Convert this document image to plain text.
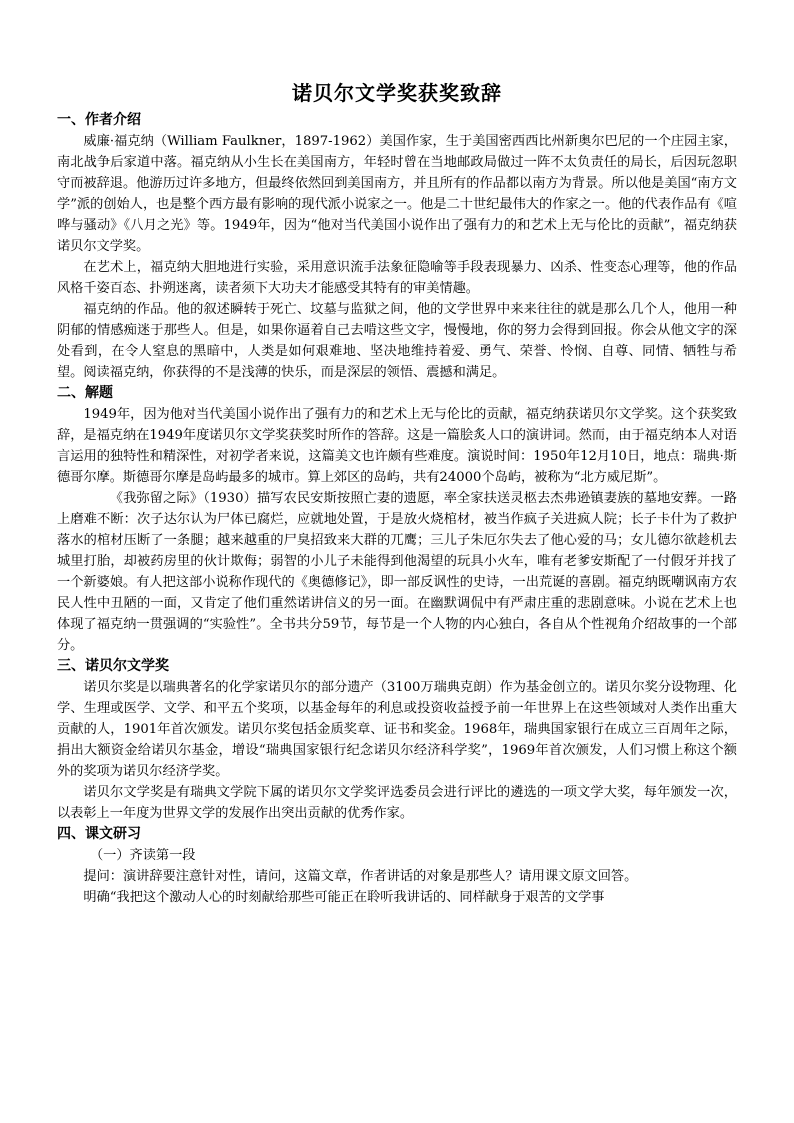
诺贝尔文学奖获奖致辞

一、作者介绍

威廉·福克纳（William Faulkner，1897-1962）美国作家，生于美国密西西比州新奥尔巴尼的一个庄园主家，南北战争后家道中落。福克纳从小生长在美国南方，年轻时曾在当地邮政局做过一阵不太负责任的局长，后因玩忽职守而被辞退。他游历过许多地方，但最终依然回到美国南方，并且所有的作品都以南方为背景。所以他是美国“南方文学”派的创始人，也是整个西方最有影响的现代派小说家之一。他是二十世纪最伟大的作家之一。他的代表作品有《喧哗与骚动》《八月之光》等。1949年，因为“他对当代美国小说作出了强有力的和艺术上无与伦比的贡献”，福克纳获诺贝尔文学奖。

在艺术上，福克纳大胆地进行实验，采用意识流手法象征隐喻等手段表现暴力、凶杀、性变态心理等，他的作品风格千姿百态、扑朔迷离，读者须下大功夫才能感受其特有的审美情趣。

福克纳的作品。他的叙述瞬转于死亡、坟墓与监狱之间，他的文学世界中来来往往的就是那么几个人，他用一种阴郁的情感痴迷于那些人。但是，如果你逼着自己去啃这些文字，慢慢地，你的努力会得到回报。你会从他文字的深处看到，在令人窒息的黑暗中，人类是如何艰难地、坚决地维持着爱、勇气、荣誉、怜悯、自尊、同情、牺牲与希望。阅读福克纳，你获得的不是浅薄的快乐，而是深层的领悟、震撼和满足。

二、解题

1949年，因为他对当代美国小说作出了强有力的和艺术上无与伦比的贡献，福克纳获诺贝尔文学奖。这个获奖致辞，是福克纳在1949年度诺贝尔文学奖获奖时所作的答辞。这是一篇脍炙人口的演讲词。然而，由于福克纳本人对语言运用的独特性和精深性，对初学者来说，这篇美文也许颇有些难度。演说时间：1950年12月10日，地点：瑞典·斯德哥尔摩。斯德哥尔摩是岛屿最多的城市。算上郊区的岛屿，共有24000个岛屿，被称为“北方威尼斯”。

《我弥留之际》（1930）描写农民安斯按照亡妻的遗愿，率全家扶送灵柩去杰弗逊镇妻族的墓地安葬。一路上磨难不断：次子达尔认为尸体已腐烂，应就地处置，于是放火烧棺材，被当作疯子关进疯人院；长子卡什为了救护落水的棺材压断了一条腿；越来越重的尸臭招致来大群的兀鹰；三儿子朱厄尔失去了他心爱的马；女儿德尔欲趁机去城里打胎，却被药房里的伙计欺侮；弱智的小儿子未能得到他渴望的玩具小火车，唯有老爹安斯配了一付假牙并找了一个新婆娘。有人把这部小说称作现代的《奥德修记》，即一部反讽性的史诗，一出荒诞的喜剧。福克纳既嘲讽南方农民人性中丑陋的一面，又肯定了他们重然诺讲信义的另一面。在幽默调侃中有严肃庄重的悲剧意味。小说在艺术上也体现了福克纳一贯强调的“实验性”。全书共分59节，每节是一个人物的内心独白，各自从个性视角介绍故事的一个部分。

三、诺贝尔文学奖

诺贝尔奖是以瑞典著名的化学家诺贝尔的部分遗产（3100万瑞典克朗）作为基金创立的。诺贝尔奖分设物理、化学、生理或医学、文学、和平五个奖项，以基金每年的利息或投资收益授予前一年世界上在这些领域对人类作出重大贡献的人，1901年首次颁发。诺贝尔奖包括金质奖章、证书和奖金。1968年，瑞典国家银行在成立三百周年之际，捐出大额资金给诺贝尔基金，增设“瑞典国家银行纪念诺贝尔经济科学奖”，1969年首次颁发，人们习惯上称这个额外的奖项为诺贝尔经济学奖。

诺贝尔文学奖是有瑞典文学院下属的诺贝尔文学奖评选委员会进行评比的遴选的一项文学大奖，每年颁发一次，以表彰上一年度为世界文学的发展作出突出贡献的优秀作家。

四、课文研习

（一）齐读第一段

提问：演讲辞要注意针对性，请问，这篇文章，作者讲话的对象是那些人？请用课文原文回答。

明确“我把这个激动人心的时刻献给那些可能正在聆听我讲话的、同样献身于艰苦的文学事
